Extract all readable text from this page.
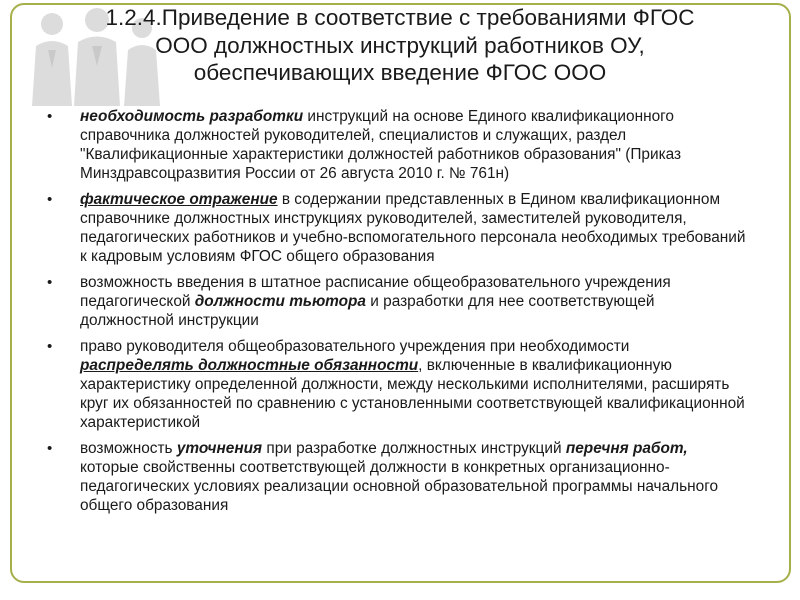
1.2.4.Приведение в соответствие с требованиями ФГОС
ООО должностных инструкций работников ОУ,
обеспечивающих введение ФГОС ООО
• необходимость разработки инструкций на основе Единого квалификационного справочника должностей руководителей, специалистов и служащих, раздел "Квалификационные характеристики должностей работников образования" (Приказ Минздравсоцразвития России от 26 августа 2010 г. № 761н)
• фактическое отражение в содержании представленных в Едином квалификационном справочнике должностных инструкциях руководителей, заместителей руководителя, педагогических работников и учебно-вспомогательного персонала необходимых требований к кадровым условиям ФГОС общего образования
• возможность введения в штатное расписание общеобразовательного учреждения педагогической должности тьютора и разработки для нее соответствующей должностной инструкции
• право руководителя общеобразовательного учреждения при необходимости распределять должностные обязанности, включенные в квалификационную характеристику определенной должности, между несколькими исполнителями, расширять круг их обязанностей по сравнению с установленными соответствующей квалификационной характеристикой
• возможность уточнения при разработке должностных инструкций перечня работ, которые свойственны соответствующей должности в конкретных организационно-педагогических условиях реализации основной образовательной программы начального общего образования
